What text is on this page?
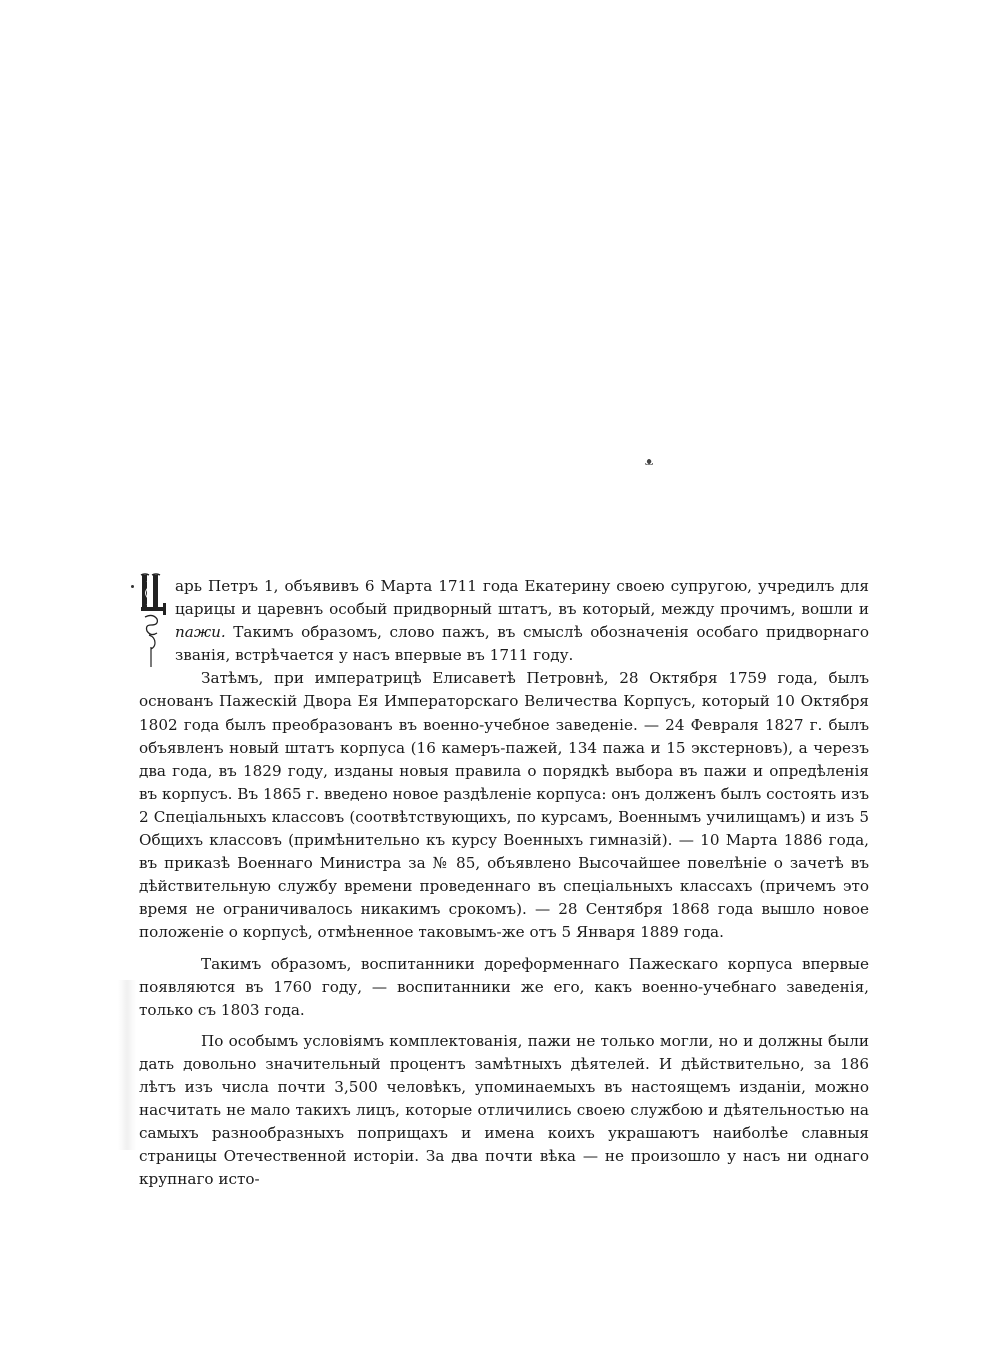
ᴥ
Ц
арь Петръ 1, объявивъ 6 Марта 1711 года Екатерину своею супругою, учредилъ для царицы и царевнъ особый придворный штатъ, въ который, между прочимъ, вошли и пажи. Такимъ образомъ, слово пажъ, въ смыслѣ обозначенія особаго придворнаго званія, встрѣчается у насъ впервые въ 1711 году.

Затѣмъ, при императрицѣ Елисаветѣ Петровнѣ, 28 Октября 1759 года, былъ основанъ Пажескій Двора Ея Императорскаго Величества Корпусъ, который 10 Октября 1802 года былъ преобразованъ въ военно-учебное заведеніе. — 24 Февраля 1827 г. былъ объявленъ новый штатъ корпуса (16 камеръ-пажей, 134 пажа и 15 экстерновъ), а черезъ два года, въ 1829 году, изданы новыя правила о порядкѣ выбора въ пажи и опредѣленія въ корпусъ. Въ 1865 г. введено новое раздѣленіе корпуса: онъ долженъ былъ состоять изъ 2 Спеціальныхъ классовъ (соотвѣтствующихъ, по курсамъ, Военнымъ училищамъ) и изъ 5 Общихъ классовъ (примѣнительно къ курсу Военныхъ гимназій). — 10 Марта 1886 года, въ приказѣ Военнаго Министра за № 85, объявлено Высочайшее повелѣніе о зачетѣ въ дѣйствительную службу времени проведеннаго въ спеціальныхъ классахъ (причемъ это время не ограничивалось никакимъ срокомъ). — 28 Сентября 1868 года вышло новое положеніе о корпусѣ, отмѣненное таковымъ-же отъ 5 Января 1889 года.

Такимъ образомъ, воспитанники дореформеннаго Пажескаго корпуса впервые появляются въ 1760 году, — воспитанники же его, какъ военно-учебнаго заведенія, только съ 1803 года.

По особымъ условіямъ комплектованія, пажи не только могли, но и должны были дать довольно значительный процентъ замѣтныхъ дѣятелей. И дѣйствительно, за 186 лѣтъ изъ числа почти 3,500 человѣкъ, упоминаемыхъ въ настоящемъ изданіи, можно насчитать не мало такихъ лицъ, которые отличились своею службою и дѣятельностью на самыхъ разнообразныхъ поприщахъ и имена коихъ украшаютъ наиболѣе славныя страницы Отечественной исторіи. За два почти вѣка — не произошло у насъ ни однаго крупнаго исто-
